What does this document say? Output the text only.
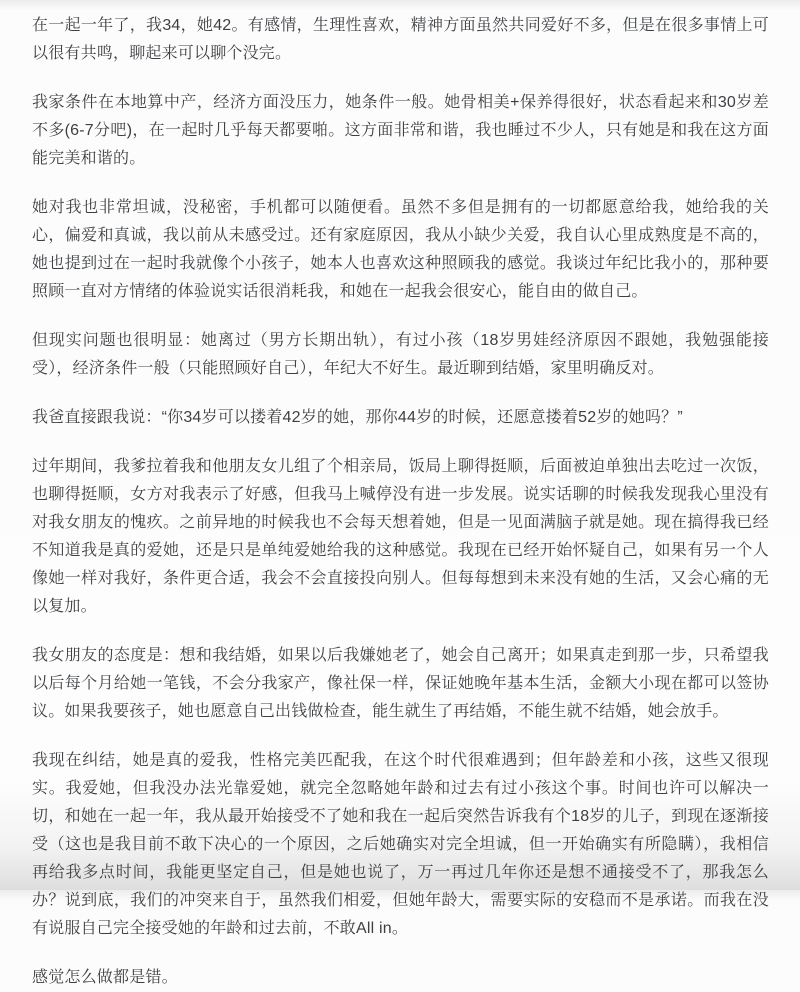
在一起一年了，我34，她42。有感情，生理性喜欢，精神方面虽然共同爱好不多，但是在很多事情上可以很有共鸣，聊起来可以聊个没完。

我家条件在本地算中产，经济方面没压力，她条件一般。她骨相美+保养得很好，状态看起来和30岁差不多(6-7分吧)，在一起时几乎每天都要啪。这方面非常和谐，我也睡过不少人，只有她是和我在这方面能完美和谐的。

她对我也非常坦诚，没秘密，手机都可以随便看。虽然不多但是拥有的一切都愿意给我，她给我的关心，偏爱和真诚，我以前从未感受过。还有家庭原因，我从小缺少关爱，我自认心里成熟度是不高的，她也提到过在一起时我就像个小孩子，她本人也喜欢这种照顾我的感觉。我谈过年纪比我小的，那种要照顾一直对方情绪的体验说实话很消耗我，和她在一起我会很安心，能自由的做自己。

但现实问题也很明显：她离过（男方长期出轨），有过小孩（18岁男娃经济原因不跟她，我勉强能接受），经济条件一般（只能照顾好自己），年纪大不好生。最近聊到结婚，家里明确反对。

我爸直接跟我说：“你34岁可以搂着42岁的她，那你44岁的时候，还愿意搂着52岁的她吗？”

过年期间，我爹拉着我和他朋友女儿组了个相亲局，饭局上聊得挺顺，后面被迫单独出去吃过一次饭，也聊得挺顺，女方对我表示了好感，但我马上喊停没有进一步发展。说实话聊的时候我发现我心里没有对我女朋友的愧疚。之前异地的时候我也不会每天想着她，但是一见面满脑子就是她。现在搞得我已经不知道我是真的爱她，还是只是单纯爱她给我的这种感觉。我现在已经开始怀疑自己，如果有另一个人像她一样对我好，条件更合适，我会不会直接投向别人。但每每想到未来没有她的生活，又会心痛的无以复加。

我女朋友的态度是：想和我结婚，如果以后我嫌她老了，她会自己离开；如果真走到那一步，只希望我以后每个月给她一笔钱，不会分我家产，像社保一样，保证她晚年基本生活，金额大小现在都可以签协议。如果我要孩子，她也愿意自己出钱做检查，能生就生了再结婚，不能生就不结婚，她会放手。

我现在纠结，她是真的爱我，性格完美匹配我，在这个时代很难遇到；但年龄差和小孩，这些又很现实。我爱她，但我没办法光靠爱她，就完全忽略她年龄和过去有过小孩这个事。时间也许可以解决一切，和她在一起一年，我从最开始接受不了她和我在一起后突然告诉我有个18岁的儿子，到现在逐渐接受（这也是我目前不敢下决心的一个原因，之后她确实对完全坦诚，但一开始确实有所隐瞒），我相信再给我多点时间，我能更坚定自己，但是她也说了，万一再过几年你还是想不通接受不了，那我怎么办？说到底，我们的冲突来自于，虽然我们相爱，但她年龄大，需要实际的安稳而不是承诺。而我在没有说服自己完全接受她的年龄和过去前，不敢All in。

感觉怎么做都是错。
